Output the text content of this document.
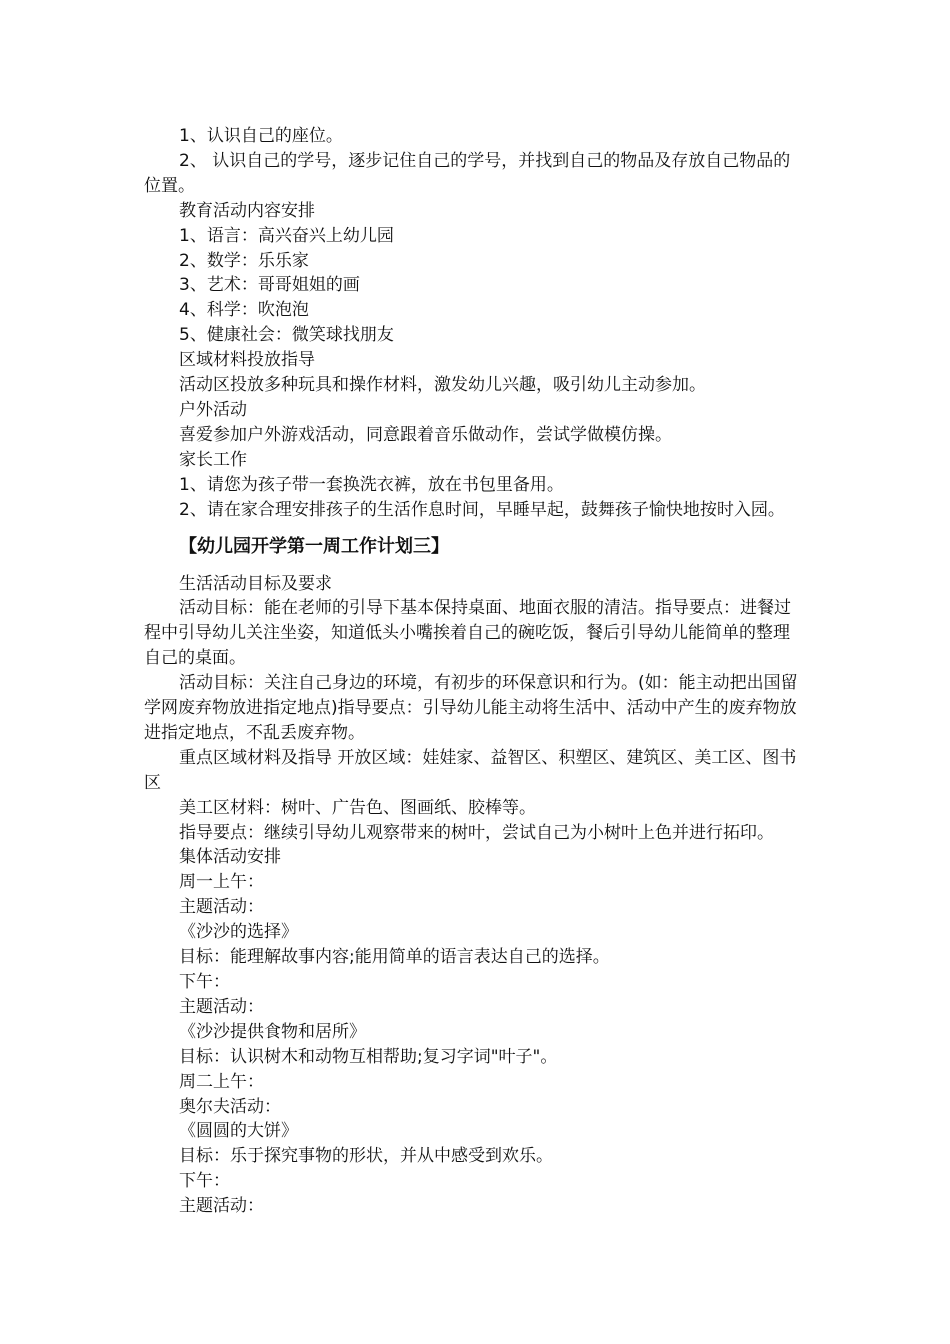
1、认识自己的座位。

2、 认识自己的学号，逐步记住自己的学号，并找到自己的物品及存放自己物品的位置。

教育活动内容安排

1、语言：高兴奋兴上幼儿园

2、数学：乐乐家

3、艺术：哥哥姐姐的画

4、科学：吹泡泡

5、健康社会：微笑球找朋友

区域材料投放指导

活动区投放多种玩具和操作材料，激发幼儿兴趣，吸引幼儿主动参加。

户外活动

喜爱参加户外游戏活动，同意跟着音乐做动作，尝试学做模仿操。

家长工作

1、请您为孩子带一套换洗衣裤，放在书包里备用。

2、请在家合理安排孩子的生活作息时间，早睡早起，鼓舞孩子愉快地按时入园。

【幼儿园开学第一周工作计划三】

生活活动目标及要求

活动目标：能在老师的引导下基本保持桌面、地面衣服的清洁。指导要点：进餐过程中引导幼儿关注坐姿，知道低头小嘴挨着自己的碗吃饭，餐后引导幼儿能简单的整理自己的桌面。

活动目标：关注自己身边的环境，有初步的环保意识和行为。(如：能主动把出国留学网废弃物放进指定地点)指导要点：引导幼儿能主动将生活中、活动中产生的废弃物放进指定地点，不乱丢废弃物。

重点区域材料及指导 开放区域：娃娃家、益智区、积塑区、建筑区、美工区、图书区

美工区材料：树叶、广告色、图画纸、胶棒等。

指导要点：继续引导幼儿观察带来的树叶，尝试自己为小树叶上色并进行拓印。

集体活动安排

周一上午：

主题活动：

《沙沙的选择》

目标：能理解故事内容;能用简单的语言表达自己的选择。

下午：

主题活动：

《沙沙提供食物和居所》

目标：认识树木和动物互相帮助;复习字词"叶子"。

周二上午：

奥尔夫活动：

《圆圆的大饼》

目标：乐于探究事物的形状，并从中感受到欢乐。

下午：

主题活动：
